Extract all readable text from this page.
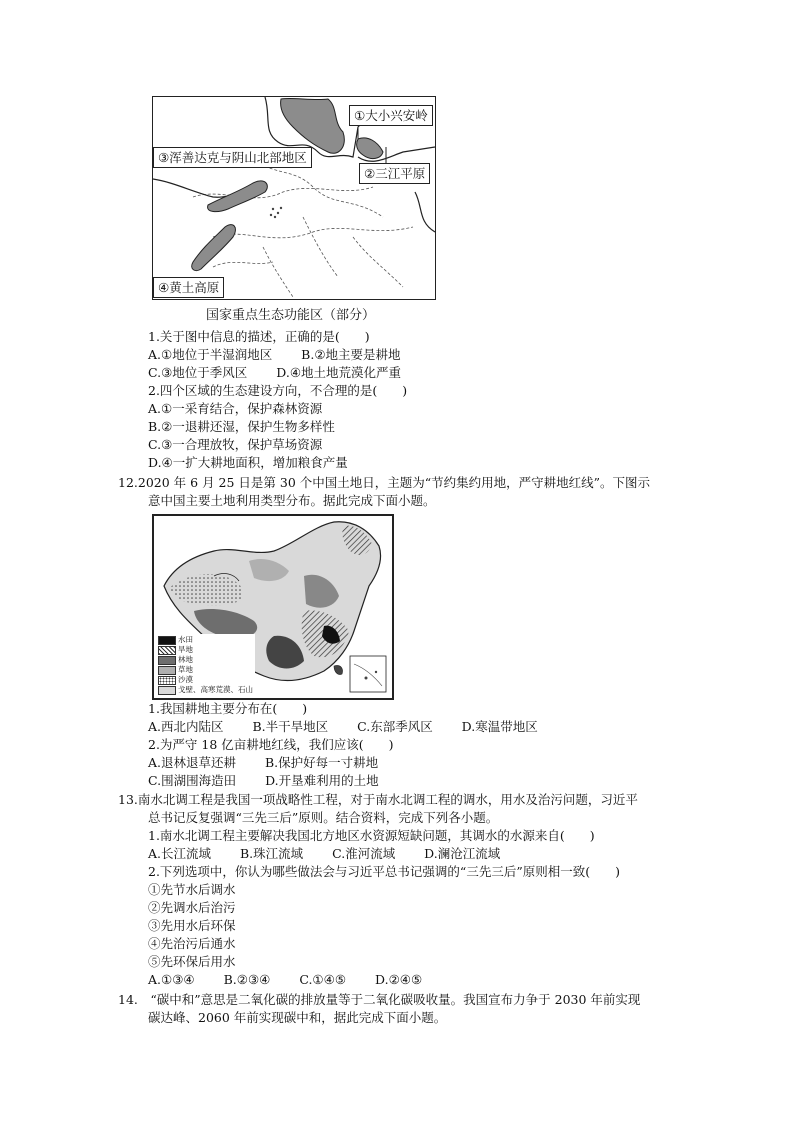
①大小兴安岭
②三江平原
③浑善达克与阴山北部地区
④黄土高原
国家重点生态功能区（部分）
1.关于图中信息的描述，正确的是(　　)
A.①地位于半湿润地区　　 B.②地主要是耕地
C.③地位于季风区　　 D.④地土地荒漠化严重
2.四个区域的生态建设方向，不合理的是(　　)
A.①一采育结合，保护森林资源
B.②一退耕还湿，保护生物多样性
C.③一合理放牧，保护草场资源
D.④一扩大耕地面积，增加粮食产量
12.2020 年 6 月 25 日是第 30 个中国土地日，主题为“节约集约用地，严守耕地红线”。下图示
意中国主要土地利用类型分布。据此完成下面小题。
水田
旱地
林地
草地
沙漠
戈壁、高寒荒漠、石山
1.我国耕地主要分布在(　　)
A.西北内陆区　　 B.半干旱地区　　 C.东部季风区　　 D.寒温带地区
2.为严守 18 亿亩耕地红线，我们应该(　　)
A.退林退草还耕　　 B.保护好每一寸耕地
C.围湖围海造田　　 D.开垦难利用的土地
13.南水北调工程是我国一项战略性工程，对于南水北调工程的调水，用水及治污问题，习近平
总书记反复强调“三先三后”原则。结合资料，完成下列各小题。
1.南水北调工程主要解决我国北方地区水资源短缺问题，其调水的水源来自(　　)
A.长江流域　　 B.珠江流域　　 C.淮河流域　　 D.澜沧江流域
2.下列选项中，你认为哪些做法会与习近平总书记强调的“三先三后”原则相一致(　　)
①先节水后调水
②先调水后治污
③先用水后环保
④先治污后通水
⑤先环保后用水
A.①③④　　 B.②③④　　 C.①④⑤　　 D.②④⑤
14.　“碳中和”意思是二氧化碳的排放量等于二氧化碳吸收量。我国宣布力争于 2030 年前实现
碳达峰、2060 年前实现碳中和，据此完成下面小题。
